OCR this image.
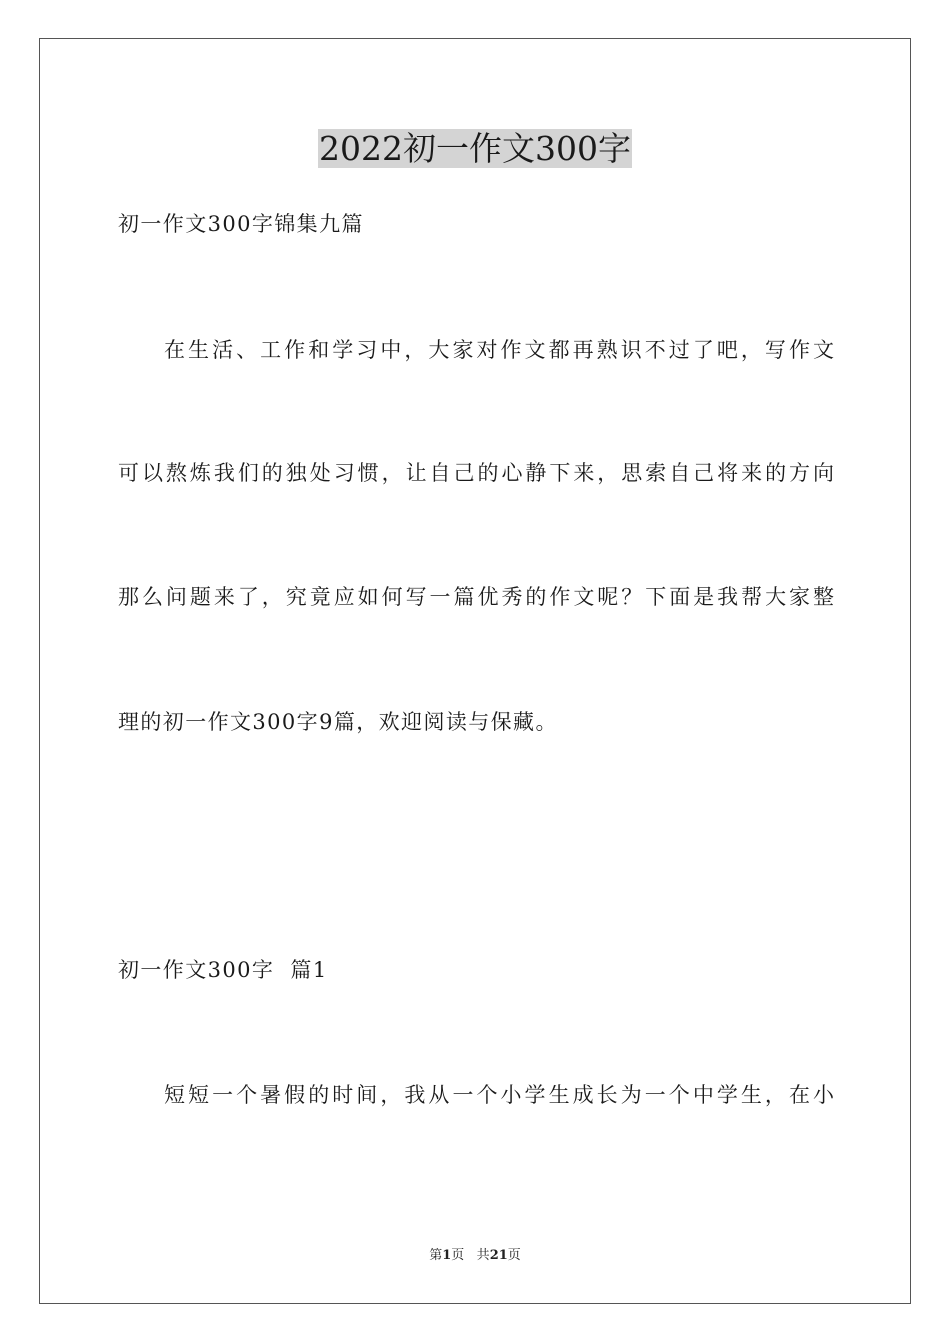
2022初一作文300字
初一作文300字锦集九篇
在生活、工作和学习中，大家对作文都再熟识不过了吧，写作文
可以熬炼我们的独处习惯，让自己的心静下来，思索自己将来的方向
那么问题来了，究竟应如何写一篇优秀的作文呢？下面是我帮大家整
理的初一作文300字9篇，欢迎阅读与保藏。
初一作文300字  篇1
短短一个暑假的时间，我从一个小学生成长为一个中学生，在小
第1页 共21页
